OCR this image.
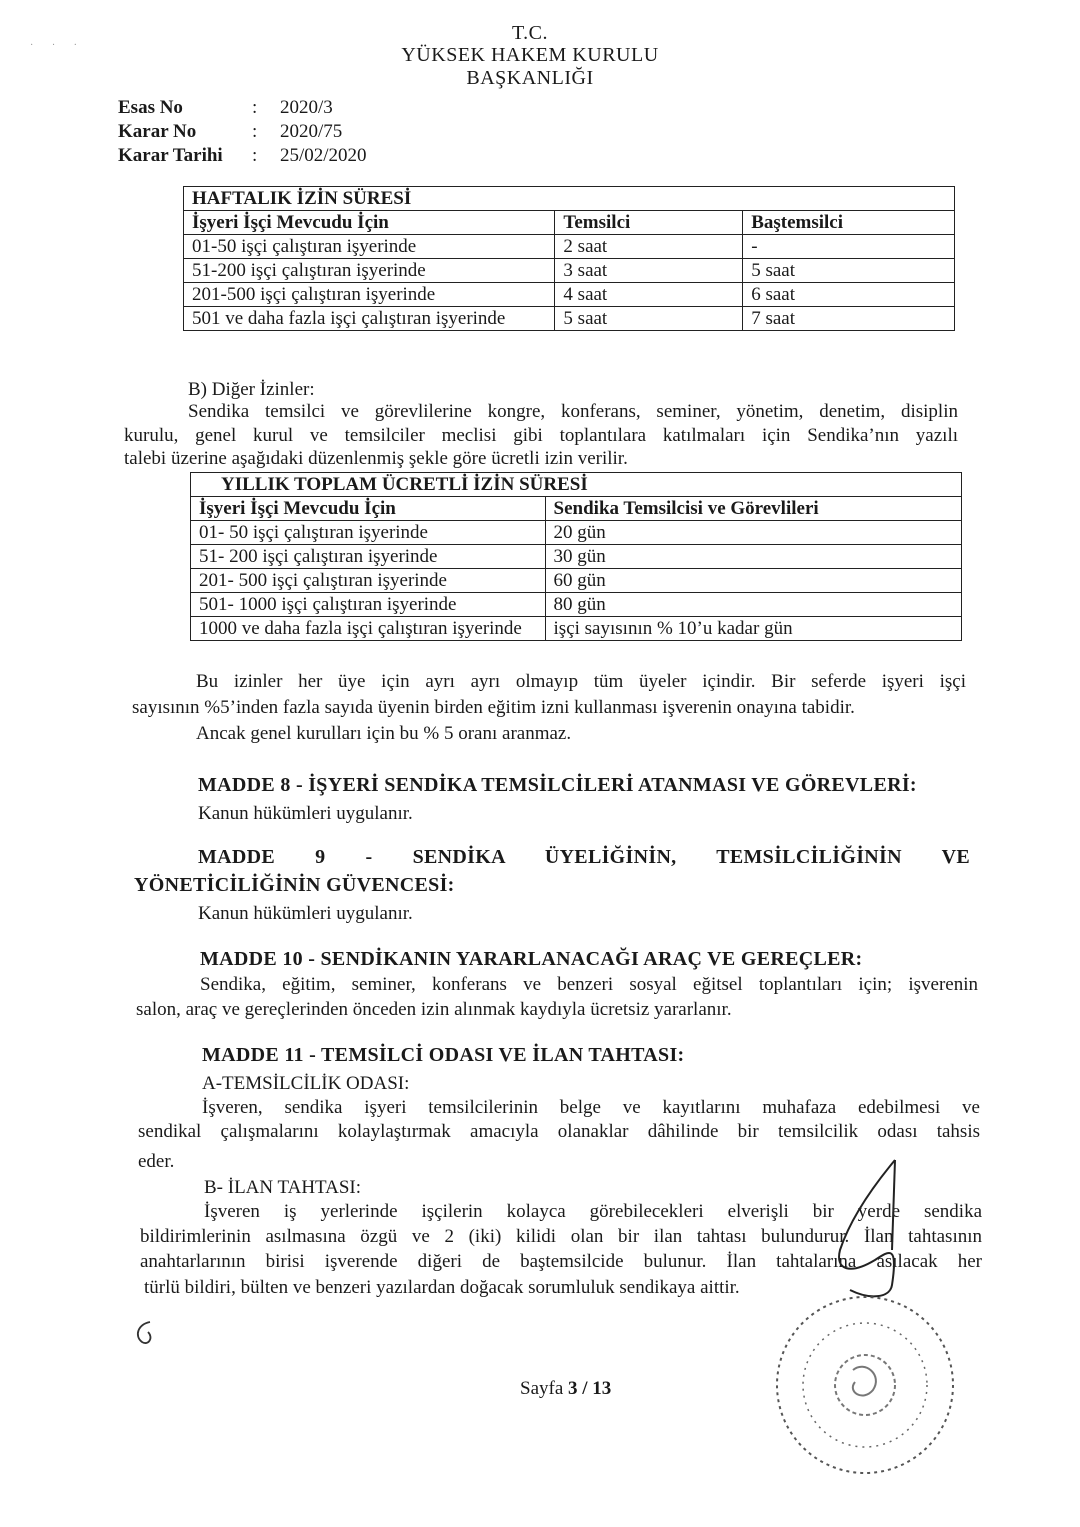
· · ·
T.C.
YÜKSEK HAKEM KURULU
BAŞKANLIĞI
Esas No	:	2020/3
Karar No	:	2020/75
Karar Tarihi	:	25/02/2020
HAFTALIK İZİN SÜRESİ		
İşyeri İşçi Mevcudu İçin	Temsilci	Baştemsilci
01-50 işçi çalıştıran işyerinde	2 saat	-
51-200 işçi çalıştıran işyerinde	3 saat	5 saat
201-500 işçi çalıştıran işyerinde	4 saat	6 saat
501 ve daha fazla işçi çalıştıran işyerinde	5 saat	7 saat
B) Diğer İzinler:
Sendika temsilci ve görevlilerine kongre, konferans, seminer, yönetim, denetim, disiplin
kurulu, genel kurul ve temsilciler meclisi gibi toplantılara katılmaları için Sendika’nın yazılı
talebi üzerine aşağıdaki düzenlenmiş şekle göre ücretli izin verilir.
YILLIK TOPLAM ÜCRETLİ İZİN SÜRESİ	
İşyeri İşçi Mevcudu İçin	Sendika Temsilcisi ve Görevlileri
01- 50 işçi çalıştıran işyerinde	20 gün
51- 200 işçi çalıştıran işyerinde	30 gün
201- 500 işçi çalıştıran işyerinde	60 gün
501- 1000 işçi çalıştıran işyerinde	80 gün
1000 ve daha fazla işçi çalıştıran işyerinde	işçi sayısının % 10’u kadar gün
Bu izinler her üye için ayrı ayrı olmayıp tüm üyeler içindir. Bir seferde işyeri işçi
sayısının %5’inden fazla sayıda üyenin birden eğitim izni kullanması işverenin onayına tabidir.
Ancak genel kurulları için bu % 5 oranı aranmaz.
MADDE 8 - İŞYERİ SENDİKA TEMSİLCİLERİ ATANMASI VE GÖREVLERİ:
Kanun hükümleri uygulanır.
MADDE 9 - SENDİKA ÜYELİĞİNİN, TEMSİLCİLİĞİNİN VE
YÖNETİCİLİĞİNİN GÜVENCESİ:
Kanun hükümleri uygulanır.
MADDE 10 - SENDİKANIN YARARLANACAĞI ARAÇ VE GEREÇLER:
Sendika, eğitim, seminer, konferans ve benzeri sosyal eğitsel toplantıları için; işverenin
salon, araç ve gereçlerinden önceden izin alınmak kaydıyla ücretsiz yararlanır.
MADDE 11 - TEMSİLCİ ODASI VE İLAN TAHTASI:
A-TEMSİLCİLİK ODASI:
İşveren, sendika işyeri temsilcilerinin belge ve kayıtlarını muhafaza edebilmesi ve
sendikal çalışmalarını kolaylaştırmak amacıyla olanaklar dâhilinde bir temsilcilik odası tahsis
eder.
B- İLAN TAHTASI:
İşveren iş yerlerinde işçilerin kolayca görebilecekleri elverişli bir yerde sendika
bildirimlerinin asılmasına özgü ve 2 (iki) kilidi olan bir ilan tahtası bulundurur. İlan tahtasının
anahtarlarının birisi işverende diğeri de baştemsilcide bulunur. İlan tahtalarına asılacak her
türlü bildiri, bülten ve benzeri yazılardan doğacak sorumluluk sendikaya aittir.
Sayfa 3 / 13
